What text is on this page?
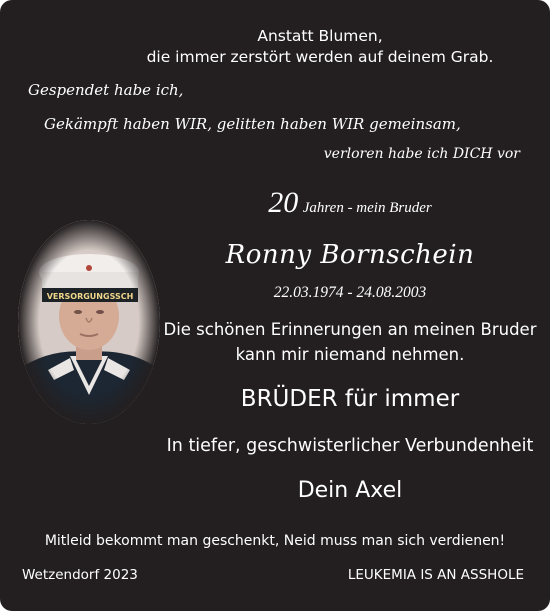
Anstatt Blumen,
die immer zerstört werden auf deinem Grab.
Gespendet habe ich,
Gekämpft haben WIR, gelitten haben WIR gemeinsam,
verloren habe ich DICH vor
20 Jahren - mein Bruder
Ronny Bornschein
22.03.1974 - 24.08.2003
Die schönen Erinnerungen an meinen Bruder
kann mir niemand nehmen.
BRÜDER für immer
In tiefer, geschwisterlicher Verbundenheit
Dein Axel
Mitleid bekommt man geschenkt, Neid muss man sich verdienen!
Wetzendorf 2023	LEUKEMIA IS AN ASSHOLE
